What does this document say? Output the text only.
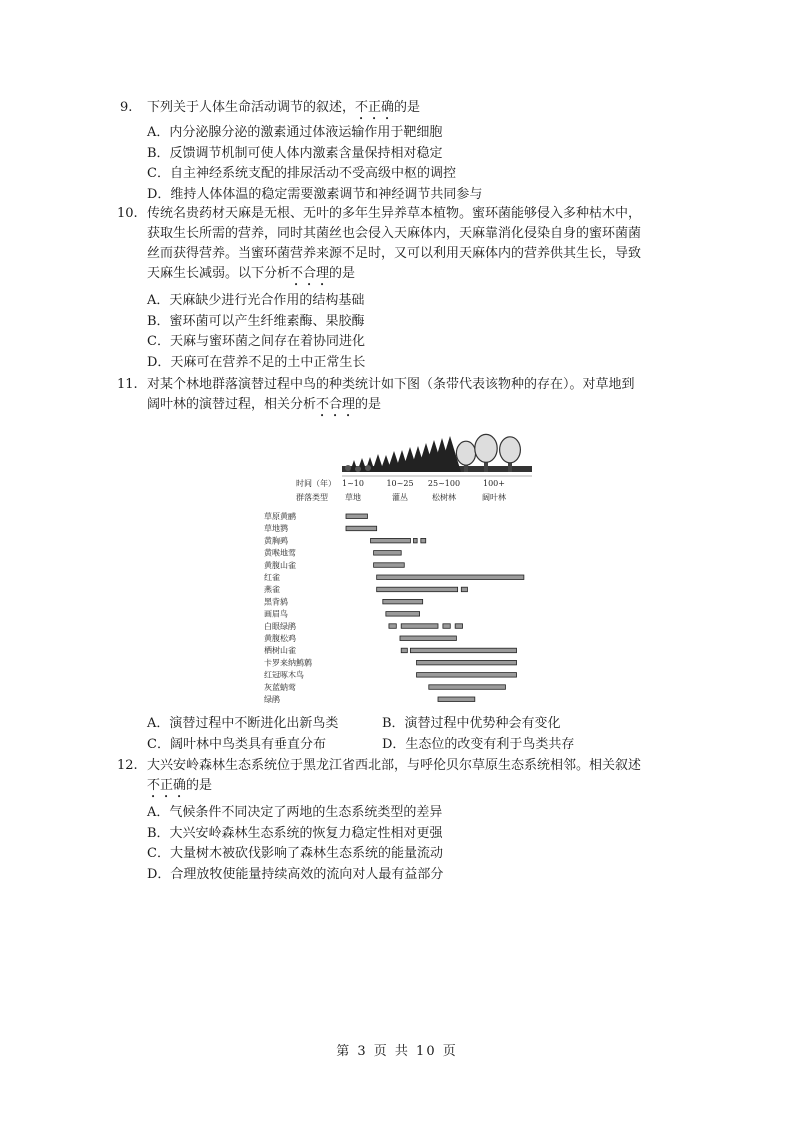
9. 下列关于人体生命活动调节的叙述，不正确的是
A．内分泌腺分泌的激素通过体液运输作用于靶细胞
B．反馈调节机制可使人体内激素含量保持相对稳定
C．自主神经系统支配的排尿活动不受高级中枢的调控
D．维持人体体温的稳定需要激素调节和神经调节共同参与
10. 传统名贵药材天麻是无根、无叶的多年生异养草本植物。蜜环菌能够侵入多种枯木中，
获取生长所需的营养，同时其菌丝也会侵入天麻体内，天麻靠消化侵染自身的蜜环菌菌
丝而获得营养。当蜜环菌营养来源不足时，又可以利用天麻体内的营养供其生长，导致
天麻生长减弱。以下分析不合理的是
A．天麻缺少进行光合作用的结构基础
B．蜜环菌可以产生纤维素酶、果胶酶
C．天麻与蜜环菌之间存在着协同进化
D．天麻可在营养不足的土中正常生长
11. 对某个林地群落演替过程中鸟的种类统计如下图（条带代表该物种的存在）。对草地到
阔叶林的演替过程，相关分析不合理的是
时间（年） 1~10	10~25 25~100	100+
群落类型 草地	灌丛	松树林	阔叶林
草原黄鹂
草地鹨
黄胸鹀
黄喉地莺
黄腹山雀
红雀
燕雀
黑背鸫
画眉鸟
白眼绿鹃
黄腹松鸡
栖树山雀
卡罗来纳鹪鹩
红冠啄木鸟
灰蓝蚋莺
绿鹃
A．演替过程中不断进化出新鸟类	B．演替过程中优势种会有变化
C．阔叶林中鸟类具有垂直分布	D．生态位的改变有利于鸟类共存
12. 大兴安岭森林生态系统位于黑龙江省西北部，与呼伦贝尔草原生态系统相邻。相关叙述
不正确的是
A．气候条件不同决定了两地的生态系统类型的差异
B．大兴安岭森林生态系统的恢复力稳定性相对更强
C．大量树木被砍伐影响了森林生态系统的能量流动
D．合理放牧使能量持续高效的流向对人最有益部分
第 3 页 共 10 页
